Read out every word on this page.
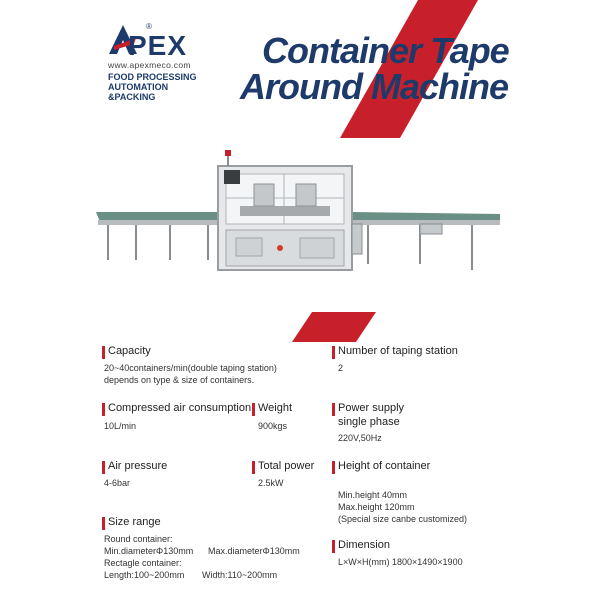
PEX
®
www.apexmeco.com
FOOD PROCESSING
AUTOMATION
&PACKING
Container Tape
Around Machine
Capacity
20~40containers/min(double taping station)
depends on type & size of containers.
Compressed air consumption
10L/min
Weight
900kgs
Air pressure
4-6bar
Total power
2.5kW
Size range
Round container:
Min.diameterΦ130mm Max.diameterΦ130mm
Rectagle container:
Length:100~200mm Width:110~200mm
Number of taping station
2
Power supply
single phase
220V,50Hz
Height of container
Min.height 40mm
Max.height 120mm
(Special size canbe customized)
Dimension
L×W×H(mm) 1800×1490×1900
